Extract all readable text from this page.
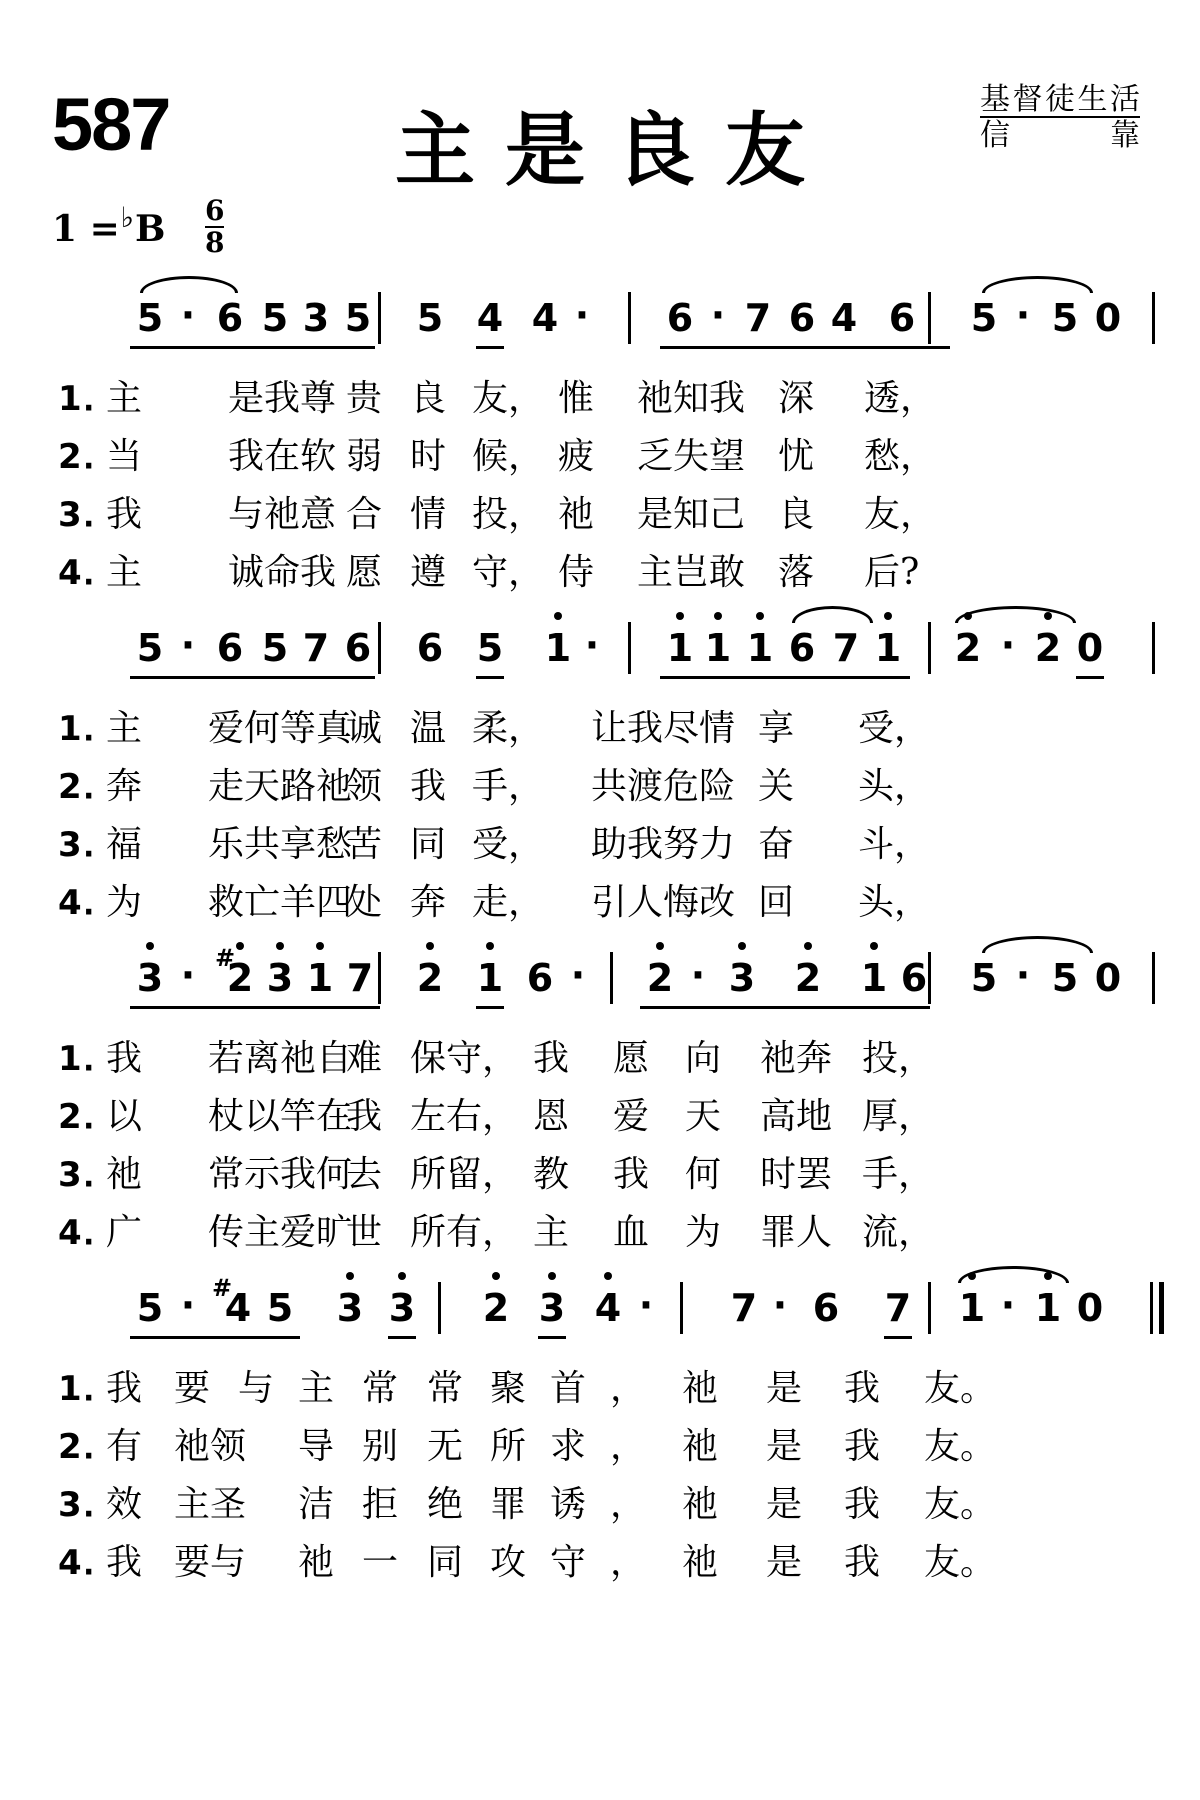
587	主是良友
基督徒生活
信	靠
1 =♭B 6
8
5 · 6 5 3 5 5 4 4 · 6 · 7 6 4 6 5 · 5 0
1 · 主 是我尊 贵 良 友， 惟 祂知我 深 透，
2 · 当 我在软 弱 时 候， 疲 乏失望 忧 愁，
3 · 我 与祂意 合 情 投， 祂 是知己 良 友，
4 · 主 诚命我 愿 遵 守， 侍 主岂敢 落 后?
5 · 6 5 7 6 6 5 1 · 1 1 1 6 7 1 2 · 2 0
1 · 主 爱何等真
诚 温 柔， 让我尽情 享 受，
2 · 奔 走天路祂
领 我 手， 共渡危险 关 头，
3 · 福 乐共享愁
苦 同 受， 助我努力 奋 斗，
4 · 为 救亡羊四
处 奔 走， 引人悔改 回 头，
3 · #
2 3 1 7 2 1 6 · 2 · 3 2 1 6 5 · 5 0
1 · 我 若离祂自
难 保守， 我 愿 向 祂奔 投，
2 · 以 杖以竿在
我 左右， 恩 爱 天 高地 厚，
3 · 祂 常示我何
去 所留， 教 我 何 时罢 手，
4 · 广 传主爱旷
世 所有， 主 血 为 罪人 流，
5 · #
4 5 3 3 2 3 4 · 7 · 6 7 1 · 1 0
1 · 我 要 与 主 常 常 聚 首 ， 祂 是 我 友。
2 · 有 祂领 导 别 无 所 求 ， 祂 是 我 友。
3 · 效 主圣 洁 拒 绝 罪 诱 ， 祂 是 我 友。
4 · 我 要与 祂 一 同 攻 守 ， 祂 是 我 友。
